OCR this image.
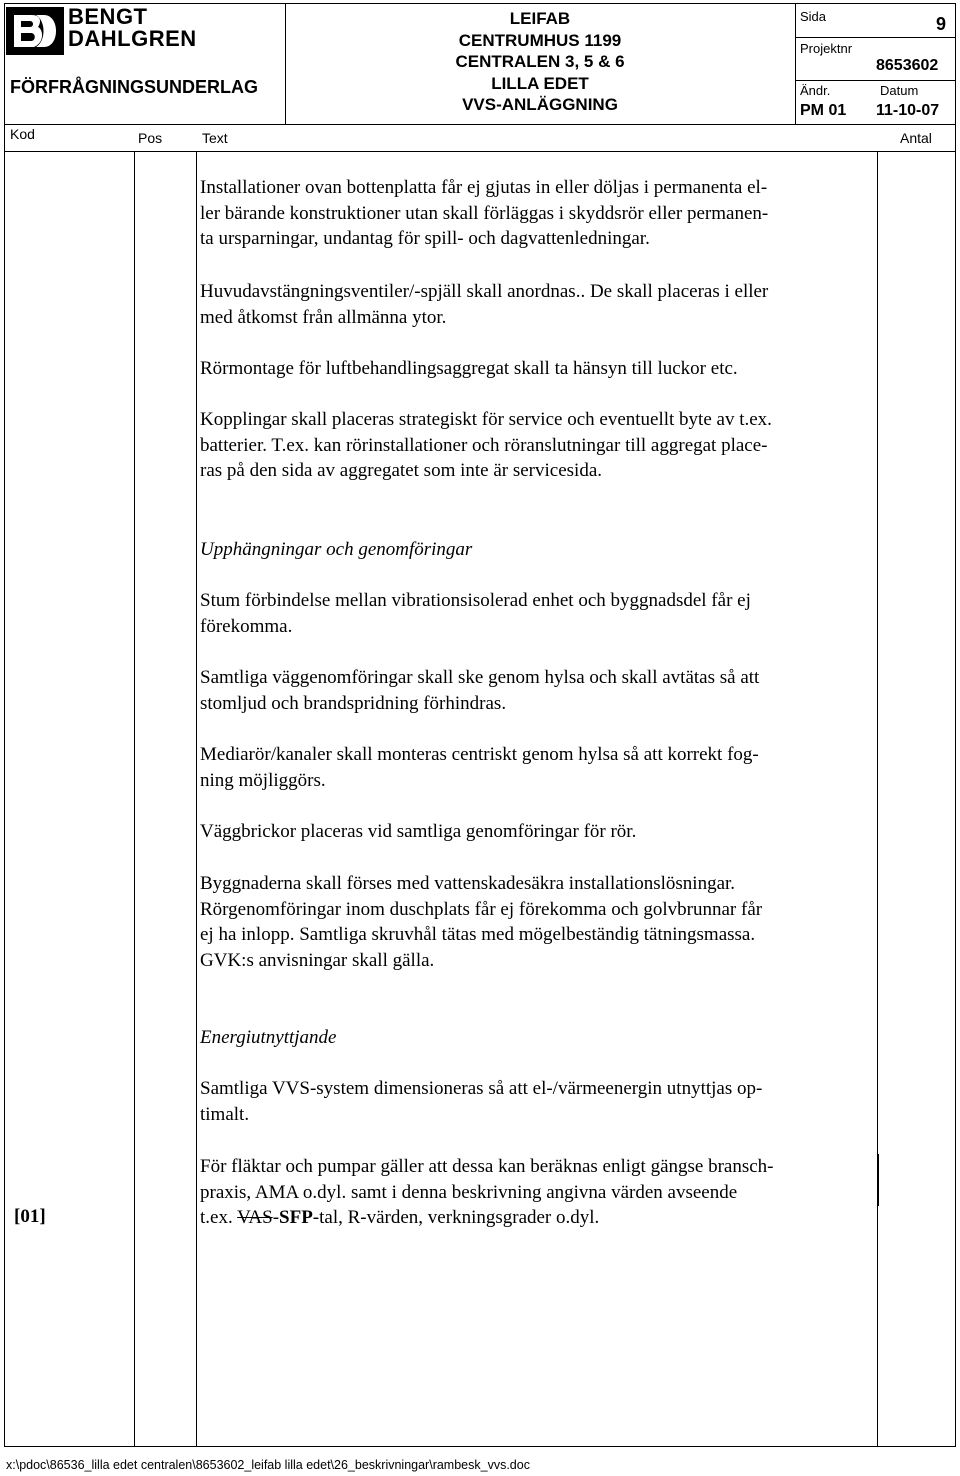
BENGT
DAHLGREN
FÖRFRÅGNINGSUNDERLAG
LEIFAB
CENTRUMHUS 1199
CENTRALEN 3, 5 & 6
LILLA EDET
VVS-ANLÄGGNING
Sida	9
Projektnr
8653602
Ändr.	Datum
PM 01 11-10-07
Kod	Pos	Text	Antal

Installationer ovan bottenplatta får ej gjutas in eller döljas i permanenta el-

ler bärande konstruktioner utan skall förläggas i skyddsrör eller permanen-

ta ursparningar, undantag för spill- och dagvattenledningar.

Huvudavstängningsventiler/-spjäll skall anordnas.. De skall placeras i eller

med åtkomst från allmänna ytor.

Rörmontage för luftbehandlingsaggregat skall ta hänsyn till luckor etc.

Kopplingar skall placeras strategiskt för service och eventuellt byte av t.ex.

batterier. T.ex. kan rörinstallationer och röranslutningar till aggregat place-

ras på den sida av aggregatet som inte är servicesida.

Upphängningar och genomföringar

Stum förbindelse mellan vibrationsisolerad enhet och byggnadsdel får ej

förekomma.

Samtliga väggenomföringar skall ske genom hylsa och skall avtätas så att

stomljud och brandspridning förhindras.

Mediarör/kanaler skall monteras centriskt genom hylsa så att korrekt fog-

ning möjliggörs.

Väggbrickor placeras vid samtliga genomföringar för rör.

Byggnaderna skall förses med vattenskadesäkra installationslösningar.

Rörgenomföringar inom duschplats får ej förekomma och golvbrunnar får

ej ha inlopp. Samtliga skruvhål tätas med mögelbeständig tätningsmassa.

GVK:s anvisningar skall gälla.

Energiutnyttjande

Samtliga VVS-system dimensioneras så att el-/värmeenergin utnyttjas op-

timalt.

För fläktar och pumpar gäller att dessa kan beräknas enligt gängse bransch-

praxis, AMA o.dyl. samt i denna beskrivning angivna värden avseende

t.ex. VAS-SFP-tal, R-värden, verkningsgrader o.dyl.

[01]
x:\pdoc\86536_lilla edet centralen\8653602_leifab lilla edet\26_beskrivningar\rambesk_vvs.doc
